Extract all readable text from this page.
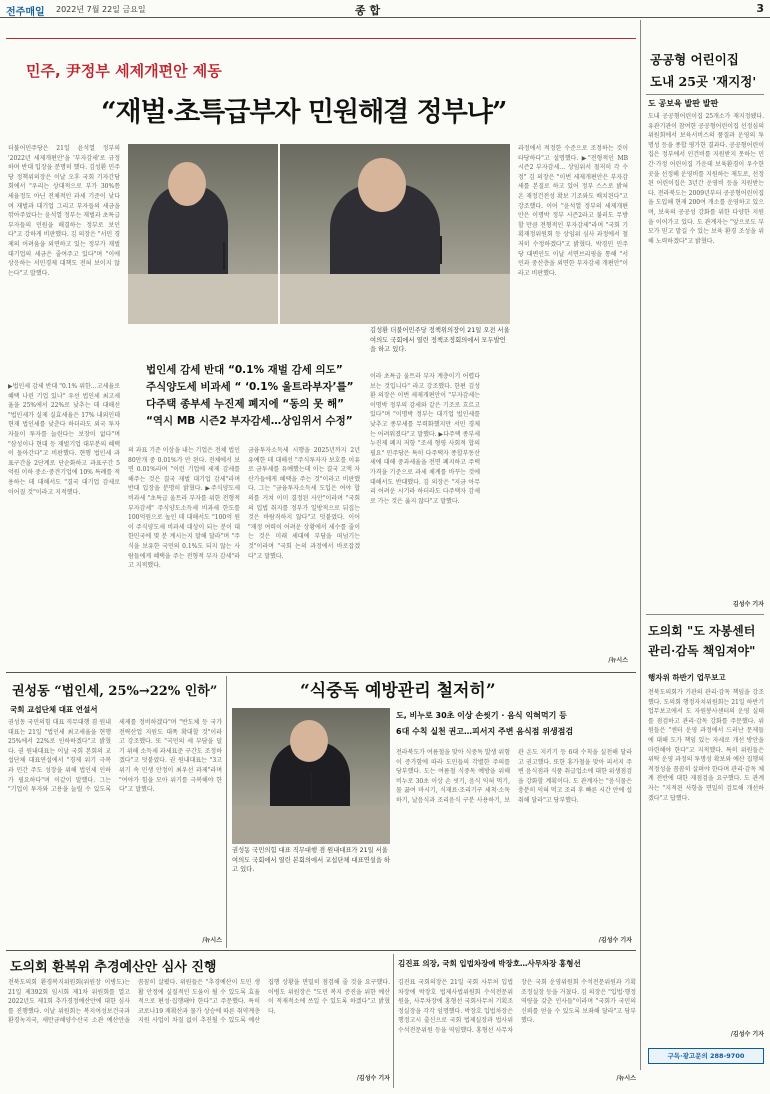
전주매일 2022년 7월 22일 금요일	종 합	3
민주, 尹정부 세제개편안 제동
“재벌·초특급부자 민원해결 정부냐”
더불어민주당은 21일 윤석열 정부의 '2022년 세제개편안'을 '부자감세'로 규정하며 반대 입장을 분명히 했다. 김성환 민주당 정책위의장은 이날 오후 국회 기자간담회에서 "우리는 상대적으로 부가 30%쯤 세율정도 아닌 전체적인 과세 기준이 낮다며 재벌과 대기업 그리고 부자들의 세금을 깎아주었다는 윤석열 정부는 재벌과 초특급 부자들의 민원을 해결하는 정부로 보인다"고 강하게 비판했다. 김 의장은 "서민 경제의 어려움을 외면하고 있는 정부가 재벌 대기업의 세금은 줄여주고 있다"며 "이에 상응하는 서민경제 대책도 전혀 보이지 않는다"고 말했다.
김성환 더불어민주당 정책위의장이 21일 오전 서울 여의도 국회에서 열린 정책조정회의에서 모두발언을 하고 있다.
법인세 감세 반대 “0.1% 재벌 감세 의도”
주식양도세 비과세 “ ‘0.1% 울트라부자’를”
다주택 종부세 누진제 폐지에 “동의 못 해”
“역시 MB 시즌2 부자감세…상임위서 수정”
▶법인세 감세 반대 "0.1% 위한…고세율로 혜택 나린 기업 있나" 우선 법인세 최고세율을 25%에서 22%로 낮추는 데 대해선 "법인세가 실제 실효세율은 17% 내외인데 현재 법인세를 낮춘다 하더라도 외국 투자자들이 투자를 늘린다는 보장이 없다"며 "삼성이나 현대 등 재벌기업 대부분의 혜택이 돌아간다"고 비판했다. 현행 법인세 과표구간을 2단계로 단순화하고 과표구간 5억원 이하 중소·중견기업에 10% 특례를 적용하는 데 대해서도 "결국 대기업 감세로 이어질 것"이라고 지적했다.
의 과표 기준 이상을 내는 기업은 전체 법인 80만개 중 0.01%가 안 된다. 전체에서 보면 0.01%라며 "이런 기업에 세제 감세를 해주는 것은 결국 재벌 대기업 감세"라며 반대 입장을 분명히 밝혔다. ▶주식양도세 비과세 "초특급 울트라 부자를 위한 전형적 부자감세" 주식양도소득세 비과세 한도를 100억원으로 높인 데 대해서도 "100억 원이 주식양도세 비과세 대상이 되는 분이 대한민국에 몇 분 계시는지 말해 달라"며 "주식을 보유한 국민의 0.1%도 되지 않는 사람들에게 혜택을 주는 전형적 부자 감세"라고 지적했다.
금융투자소득세 시행을 2025년까지 2년 유예한 데 대해선 "주식투자자 보호를 이유로 금투세를 유예했는데 이는 결국 고액 자산가들에게 혜택을 주는 것"이라고 비판했다. 그는 "금융투자소득세 도입은 여야 합의를 거쳐 이미 결정된 사안"이라며 "국회의 입법 취지를 정부가 일방적으로 뒤집는 것은 바람직하지 않다"고 덧붙였다. 이어 "재정 여력이 어려운 상황에서 세수를 줄이는 것은 미래 세대에 부담을 떠넘기는 것"이라며 "국회 논의 과정에서 바로잡겠다"고 말했다.
이라 초특급 울트라 부자 계층이기 어렵다 보는 것입니다" 라고 강조했다. 한편 김성환 의장은 이번 세제개편안이 "부자감세는 이명박 정부의 감세와 같은 기조로 흐르고 있다"며 "이명박 정부는 대기업 법인세를 낮추고 종부세를 무력화했지만 서민 경제는 어려워졌다"고 말했다. ▶다주택 종부세 누진제 폐지 저항 "조세 형평 사회적 합의 필요" 민주당은 특히 다주택자 종합부동산세에 대해 중과세율을 전면 폐지하고 주택 가격을 기준으로 과세 체계를 바꾸는 것에 대해서도 반대했다. 김 의장은 "지금 아무리 어려운 시기라 하더라도 다주택자 감세로 가는 것은 옳지 않다"고 말했다.
과정에서 적정한 수준으로 조정하는 것이 타당하다"고 설명했다. ▶"전형적인 MB 시즌2 부자감세… 상임위서 철저히 각 수정" 김 의장은 "이번 세제개편안은 부자감세를 본질로 하고 있어 정부 스스로 밝혀 온 재정건전성 확보 기조와도 배치된다"고 강조했다. 이어 "윤석열 정부의 세제개편안은 이명박 정부 시즌2라고 불러도 무방할 만큼 전형적인 부자감세"라며 "국회 기획재정위원회 등 상임위 심사 과정에서 철저히 수정하겠다"고 밝혔다. 박경민 민주당 대변인도 이날 서면브리핑을 통해 "서민과 중산층을 외면한 부자감세 개편안"이라고 비판했다.
/뉴시스
공공형 어린이집
도내 25곳 '재지정'
도 공보육 발판 발판
도내 공공형어린이집 25개소가 재지정됐다. 유관기관이 참여한 공공형어린이집 선정심의위원회에서 보육서비스의 품질과 운영의 투명성 등을 종합 평가한 결과다. 공공형어린이집은 정부에서 인건비를 지원받지 못하는 민간·가정 어린이집 가운데 보육환경이 우수한 곳을 선정해 운영비를 지원하는 제도로, 선정된 어린이집은 3년간 운영비 등을 지원받는다. 전라북도는 2009년부터 공공형어린이집을 도입해 현재 200여 개소를 운영하고 있으며, 보육의 공공성 강화를 위한 다양한 지원을 이어가고 있다. 도 관계자는 "앞으로도 부모가 믿고 맡길 수 있는 보육 환경 조성을 위해 노력하겠다"고 밝혔다.
김성수 기자
도의회 "도 자봉센터
관리·감독 책임져야"
행자위 하반기 업무보고
전북도의회가 기관의 관리·감독 책임을 강조했다. 도의회 행정자치위원회는 21일 하반기 업무보고에서 도 자원봉사센터의 운영 실태를 점검하고 관리·감독 강화를 주문했다. 위원들은 "센터 운영 과정에서 드러난 문제들에 대해 도가 책임 있는 자세로 개선 방안을 마련해야 한다"고 지적했다. 특히 위원들은 위탁 운영 과정의 투명성 확보와 예산 집행의 적정성을 꼼꼼히 살펴야 한다며 관리·감독 체계 전반에 대한 재점검을 요구했다. 도 관계자는 "지적된 사항을 면밀히 검토해 개선하겠다"고 답했다.
/김성수 기자
구독·광고문의 288-9700
권성동 “법인세, 25%→22% 인하”
국회 교섭단체 대표 연설서
권성동 국민의힘 대표 직무대행 겸 원내대표는 21일 "법인세 최고세율을 현행 25%에서 22%로 인하하겠다"고 밝혔다. 권 원내대표는 이날 국회 본회의 교섭단체 대표연설에서 "경제 위기 극복과 민간 주도 성장을 위해 법인세 인하가 필요하다"며 이같이 말했다. 그는 "기업이 투자와 고용을 늘릴 수 있도록 세제를 정비하겠다"며 "반도체 등 국가전략산업 지원도 대폭 확대할 것"이라고 강조했다. 또 "국민의 세 부담을 덜기 위해 소득세 과세표준 구간도 조정하겠다"고 덧붙였다. 권 원내대표는 "3고 위기 속 민생 안정이 최우선 과제"라며 "여야가 힘을 모아 위기를 극복해야 한다"고 말했다.
/뉴시스
“식중독 예방관리 철저히”
도, 비누로 30초 이상 손씻기 · 음식 익혀먹기 등
6대 수칙 실천 권고…피서지 주변 음식점 위생점검
권성동 국민의힘 대표 직무대행 겸 원내대표가 21일 서울 여의도 국회에서 열린 본회의에서 교섭단체 대표연설을 하고 있다.
전라북도가 여름철을 맞아 식중독 발생 위험이 증가함에 따라 도민들의 각별한 주의를 당부했다. 도는 여름철 식중독 예방을 위해 비누로 30초 이상 손 씻기, 음식 익혀 먹기, 물 끓여 마시기, 식재료·조리기구 세척·소독하기, 날음식과 조리음식 구분 사용하기, 보관 온도 지키기 등 6대 수칙을 실천해 달라고 권고했다. 또한 휴가철을 맞아 피서지 주변 음식점과 식품 취급업소에 대한 위생점검을 강화할 계획이다. 도 관계자는 "음식물은 충분히 익혀 먹고 조리 후 빠른 시간 안에 섭취해 달라"고 당부했다.
/김성수 기자
도의회 환복위 추경예산안 심사 진행
전북도의회 환경복지위원회(위원장 이병도)는 21일 제392회 임시회 제1차 위원회를 열고 2022년도 제1회 추가경정예산안에 대한 심사를 진행했다. 이날 위원회는 복지여성보건국과 환경녹지국, 새만금해양수산국 소관 예산안을 꼼꼼히 살폈다. 위원들은 "추경예산이 도민 생활 안정에 실질적인 도움이 될 수 있도록 효율적으로 편성·집행돼야 한다"고 주문했다. 특히 코로나19 재확산과 물가 상승에 따른 취약계층 지원 사업이 차질 없이 추진될 수 있도록 예산 집행 상황을 면밀히 점검해 줄 것을 요구했다. 이병도 위원장은 "도민 복지 증진을 위한 예산이 적재적소에 쓰일 수 있도록 하겠다"고 밝혔다.
/김성수 기자
김진표 의장, 국회 입법차장에 박장호…사무차장 홍형선
김진표 국회의장은 21일 국회 사무처 입법차장에 박장호 법제사법위원회 수석전문위원을, 사무차장에 홍형선 국회사무처 기획조정실장을 각각 임명했다. 박장호 입법차장은 행정고시 출신으로 국회 법제실장과 법사위 수석전문위원 등을 역임했다. 홍형선 사무차장은 국회 운영위원회 수석전문위원과 기획조정실장 등을 거쳤다. 김 의장은 "입법·행정 역량을 갖춘 인사들"이라며 "국회가 국민의 신뢰를 얻을 수 있도록 보좌해 달라"고 당부했다.
/뉴시스
